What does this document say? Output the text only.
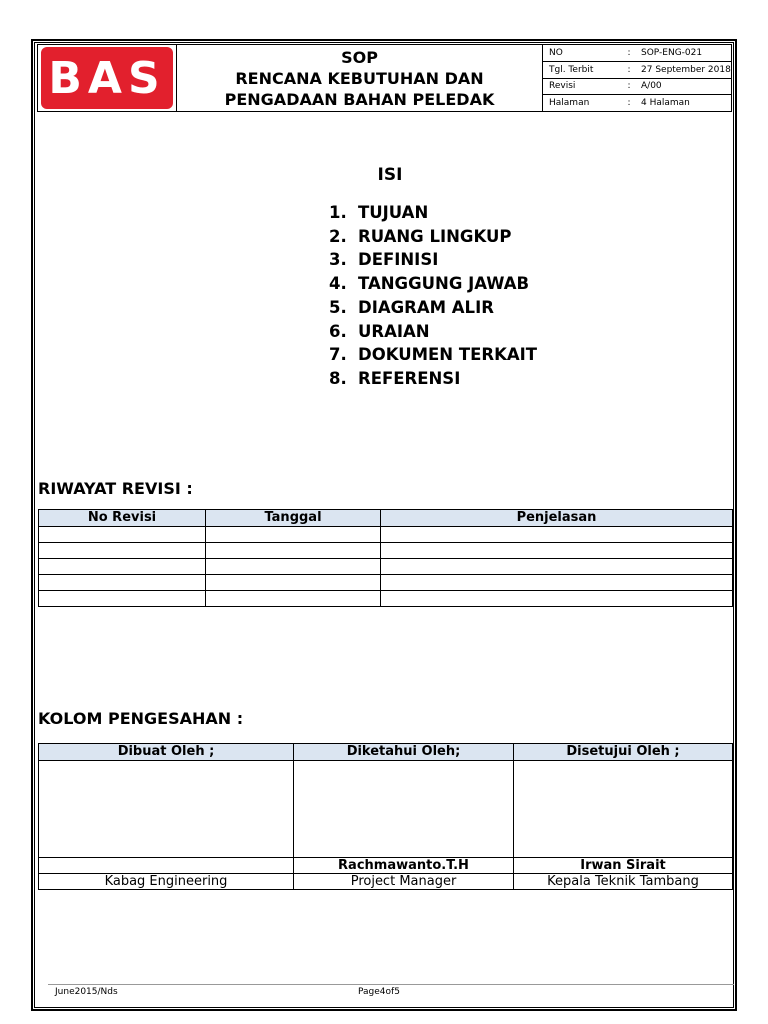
BAS	SOP
RENCANA KEBUTUHAN DAN
PENGADAAN BAHAN PELEDAK
NO	:	SOP-ENG-021
Tgl. Terbit	:	27 September 2018
Revisi	:	A/00
Halaman	:	4 Halaman
ISI
1. TUJUAN
2. RUANG LINGKUP
3. DEFINISI
4. TANGGUNG JAWAB
5. DIAGRAM ALIR
6. URAIAN
7. DOKUMEN TERKAIT
8. REFERENSI
RIWAYAT REVISI :
No Revisi	Tanggal	Penjelasan

KOLOM PENGESAHAN :
Dibuat Oleh ;	Diketahui Oleh;	Disetujui Oleh ;

	Rachmawanto.T.H	Irwan Sirait
Kabag Engineering	Project Manager	Kepala Teknik Tambang
June2015/Nds	Page4of5
